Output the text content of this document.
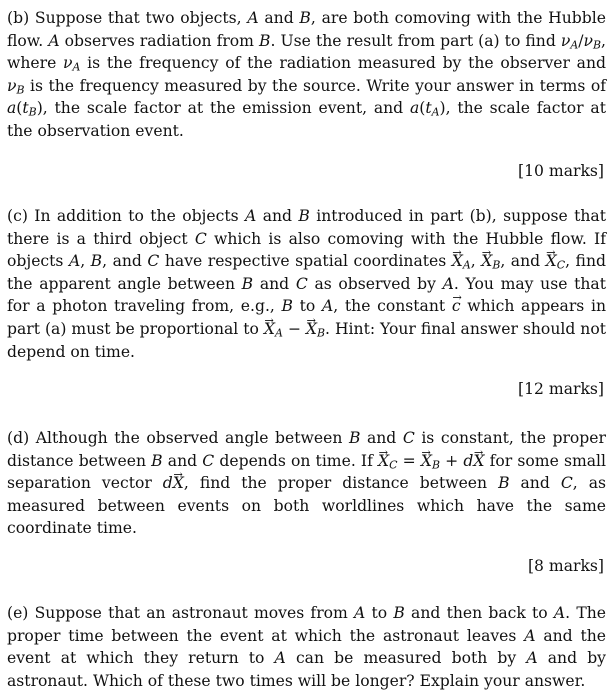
(b) Suppose that two objects, A and B, are both comoving with the Hubble flow. A observes radiation from B. Use the result from part (a) to find $\nu_A/\nu_B$, where $\nu_A$ is the frequency of the radiation measured by the observer and $\nu_B$ is the frequency measured by the source. Write your answer in terms of $a(t_B)$, the scale factor at the emission event, and $a(t_A)$, the scale factor at the observation event.

[10 marks]

(c) In addition to the objects A and B introduced in part (b), suppose that there is a third object C which is also comoving with the Hubble flow. If objects A, B, and C have respective spatial coordinates → $X_A$, → $X_B$, and → $X_C$, find the apparent angle between B and C as observed by A. You may use that for a photon traveling from, e.g., B to A, the constant → c which appears in part (a) must be proportional to → $X_A$ − → $X_B$. Hint: Your final answer should not depend on time.

[12 marks]

(d) Although the observed angle between B and C is constant, the proper distance between B and C depends on time. $If \to X_C$ = → $X_B + d\to X$ for some small separation vector d→ X, find the proper distance between B and C, as measured between events on both worldlines which have the same coordinate time.

[8 marks]

(e) Suppose that an astronaut moves from A to B and then back to A. The proper time between the event at which the astronaut leaves A and the event at which they return to A can be measured both by A and by astronaut. Which of these two times will be longer? Explain your answer.
